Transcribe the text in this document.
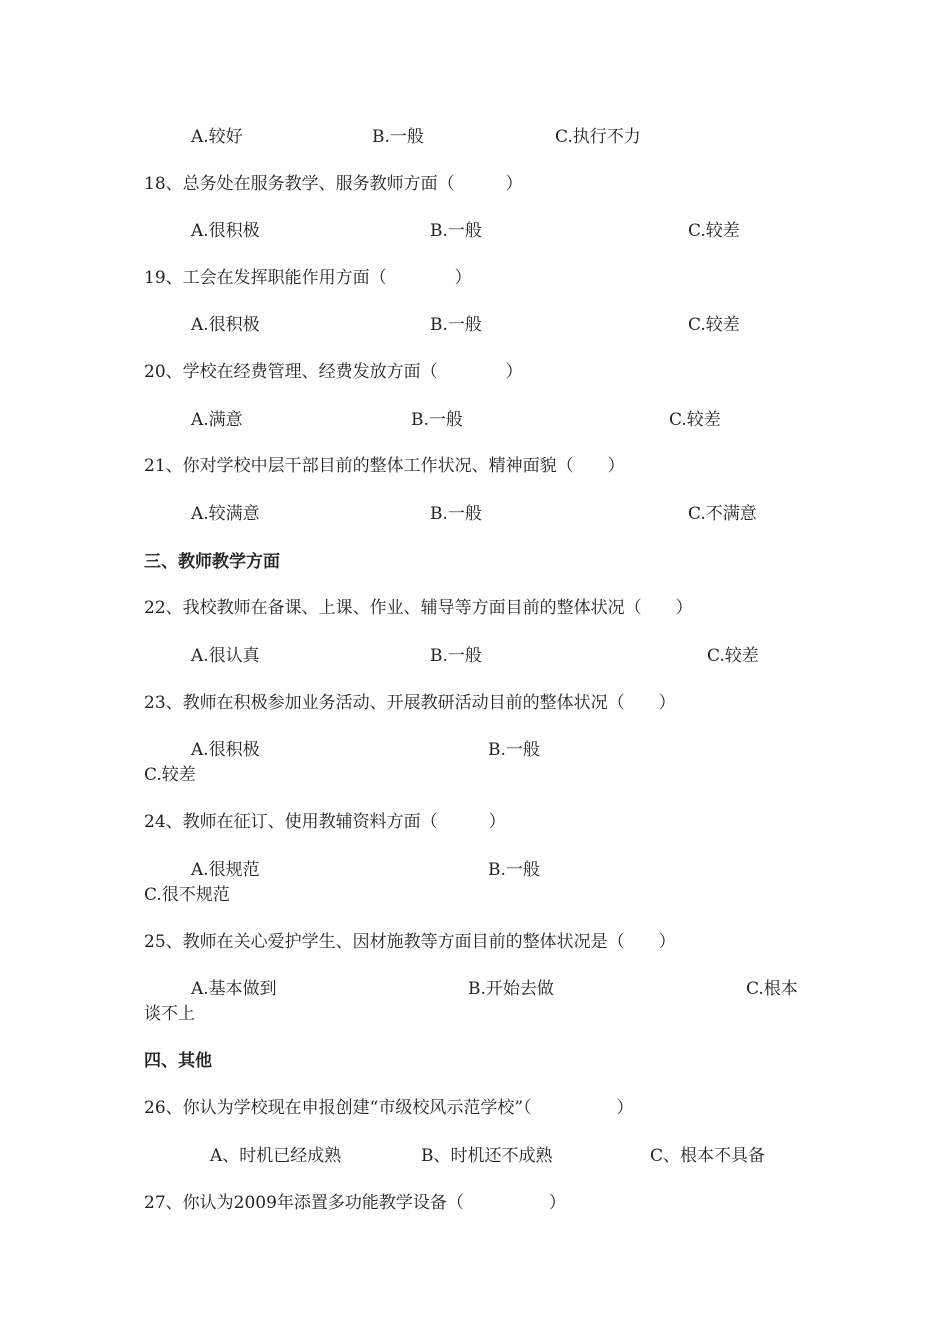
A.较好	B.一般	C.执行不力
18、总务处在服务教学、服务教师方面（　　　）
A.很积极	B.一般	C.较差
19、工会在发挥职能作用方面（　　　　）
A.很积极	B.一般	C.较差
20、学校在经费管理、经费发放方面（　　　　）
A.满意	B.一般	C.较差
21、你对学校中层干部目前的整体工作状况、精神面貌（　　）
A.较满意	B.一般	C.不满意
三、教师教学方面
22、我校教师在备课、上课、作业、辅导等方面目前的整体状况（　　）
A.很认真	B.一般	C.较差
23、教师在积极参加业务活动、开展教研活动目前的整体状况（　　）
A.很积极	B.一般
C.较差
24、教师在征订、使用教辅资料方面（　　　）
A.很规范	B.一般
C.很不规范
25、教师在关心爱护学生、因材施教等方面目前的整体状况是（　　）
A.基本做到	B.开始去做	C.根本
谈不上
四、其他
26、你认为学校现在申报创建“市级校风示范学校”（　　　　　）
A、时机已经成熟	B、时机还不成熟	C、根本不具备
27、你认为2009年添置多功能教学设备（　　　　　）
